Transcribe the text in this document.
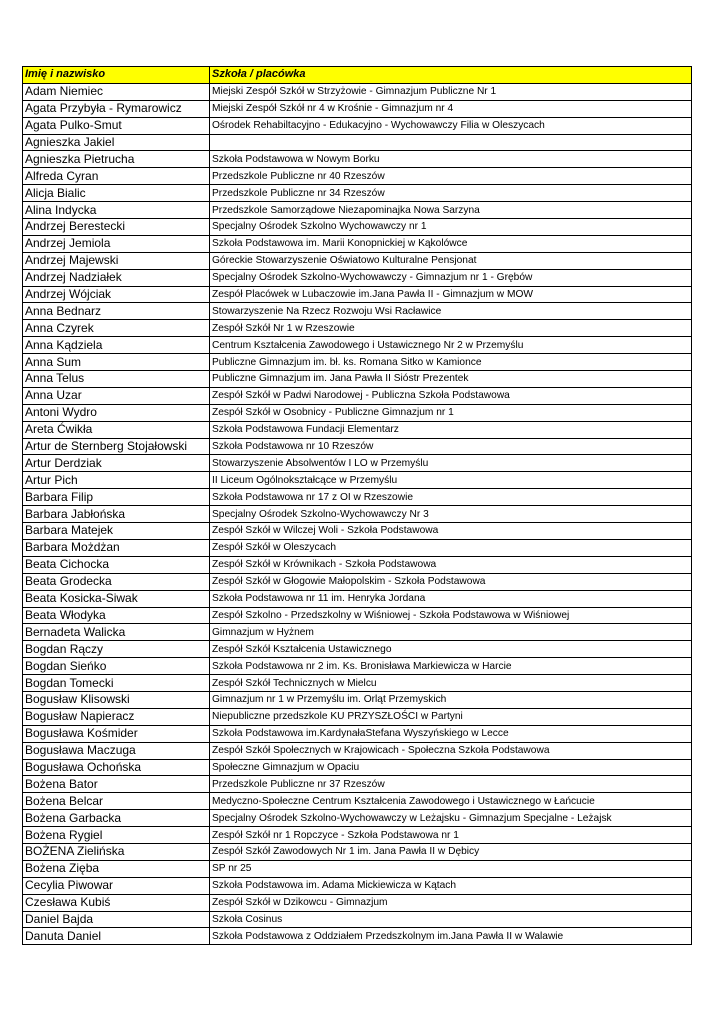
Imię i nazwisko	Szkoła / placówka
Adam Niemiec	Miejski Zespół Szkół w Strzyżowie - Gimnazjum Publiczne Nr 1
Agata Przybyła - Rymarowicz	Miejski Zespół Szkół nr 4 w Krośnie - Gimnazjum nr 4
Agata Pulko-Smut	Ośrodek Rehabiltacyjno - Edukacyjno - Wychowawczy Filia w Oleszycach
Agnieszka Jakiel	
Agnieszka Pietrucha	Szkoła Podstawowa w Nowym Borku
Alfreda Cyran	Przedszkole Publiczne nr 40 Rzeszów
Alicja Bialic	Przedszkole Publiczne nr 34 Rzeszów
Alina Indycka	Przedszkole Samorządowe Niezapominajka Nowa Sarzyna
Andrzej Berestecki	Specjalny Ośrodek Szkolno Wychowawczy nr 1
Andrzej Jemiola	Szkoła Podstawowa im. Marii Konopnickiej w Kąkolówce
Andrzej Majewski	Góreckie Stowarzyszenie Oświatowo Kulturalne Pensjonat
Andrzej Nadziałek	Specjalny Ośrodek Szkolno-Wychowawczy - Gimnazjum nr 1 - Grębów
Andrzej Wójciak	Zespół Placówek w Lubaczowie im.Jana Pawła II - Gimnazjum w MOW
Anna Bednarz	Stowarzyszenie Na Rzecz Rozwoju Wsi Racławice
Anna Czyrek	Zespół Szkół Nr 1 w Rzeszowie
Anna Kądziela	Centrum Kształcenia Zawodowego i Ustawicznego Nr 2 w Przemyślu
Anna Sum	Publiczne Gimnazjum im. bł. ks. Romana Sitko w Kamionce
Anna Telus	Publiczne Gimnazjum im. Jana Pawła II Sióstr Prezentek
Anna Uzar	Zespół Szkół w Padwi Narodowej - Publiczna Szkoła Podstawowa
Antoni Wydro	Zespół Szkół w Osobnicy - Publiczne Gimnazjum nr 1
Areta Ćwikła	Szkoła Podstawowa Fundacji Elementarz
Artur de Sternberg Stojałowski	Szkoła Podstawowa nr 10 Rzeszów
Artur Derdziak	Stowarzyszenie Absolwentów I LO w Przemyślu
Artur Pich	II Liceum Ogólnokształcące w Przemyślu
Barbara Filip	Szkoła Podstawowa nr 17 z OI w Rzeszowie
Barbara Jabłońska	Specjalny Ośrodek Szkolno-Wychowawczy Nr 3
Barbara Matejek	Zespół Szkół w Wilczej Woli - Szkoła Podstawowa
Barbara Możdżan	Zespół Szkół w Oleszycach
Beata Cichocka	Zespół Szkół w Krównikach - Szkoła Podstawowa
Beata Grodecka	Zespół Szkół w Głogowie Małopolskim - Szkoła Podstawowa
Beata Kosicka-Siwak	Szkoła Podstawowa nr 11 im. Henryka Jordana
Beata Włodyka	Zespół Szkolno - Przedszkolny w Wiśniowej - Szkoła Podstawowa w Wiśniowej
Bernadeta Walicka	Gimnazjum w Hyżnem
Bogdan Rączy	Zespół Szkół Kształcenia Ustawicznego
Bogdan Sieńko	Szkoła Podstawowa nr 2 im. Ks. Bronisława Markiewicza w Harcie
Bogdan Tomecki	Zespół Szkół Technicznych w Mielcu
Bogusław Klisowski	Gimnazjum nr 1 w Przemyślu im. Orląt Przemyskich
Bogusław Napieracz	Niepubliczne przedszkole KU PRZYSZŁOŚCI w Partyni
Bogusława Kośmider	Szkoła Podstawowa im.KardynałaStefana Wyszyńskiego w Lecce
Bogusława Maczuga	Zespół Szkół Społecznych w Krajowicach - Społeczna Szkoła Podstawowa
Bogusława Ochońska	Społeczne Gimnazjum w Opaciu
Bożena Bator	Przedszkole Publiczne nr 37 Rzeszów
Bożena Belcar	Medyczno-Społeczne Centrum Kształcenia Zawodowego i Ustawicznego w Łańcucie
Bożena Garbacka	Specjalny Ośrodek Szkolno-Wychowawczy w Leżajsku - Gimnazjum Specjalne - Leżajsk
Bożena Rygiel	Zespół Szkół nr 1 Ropczyce - Szkoła Podstawowa nr 1
BOŻENA Zielińska	Zespół Szkół Zawodowych Nr 1 im. Jana Pawła II w Dębicy
Bożena Zięba	SP nr 25
Cecylia Piwowar	Szkoła Podstawowa im. Adama Mickiewicza w Kątach
Czesława Kubiś	Zespół Szkół w Dzikowcu - Gimnazjum
Daniel Bajda	Szkoła Cosinus
Danuta Daniel	Szkoła Podstawowa z Oddziałem Przedszkolnym im.Jana Pawła II w Walawie
